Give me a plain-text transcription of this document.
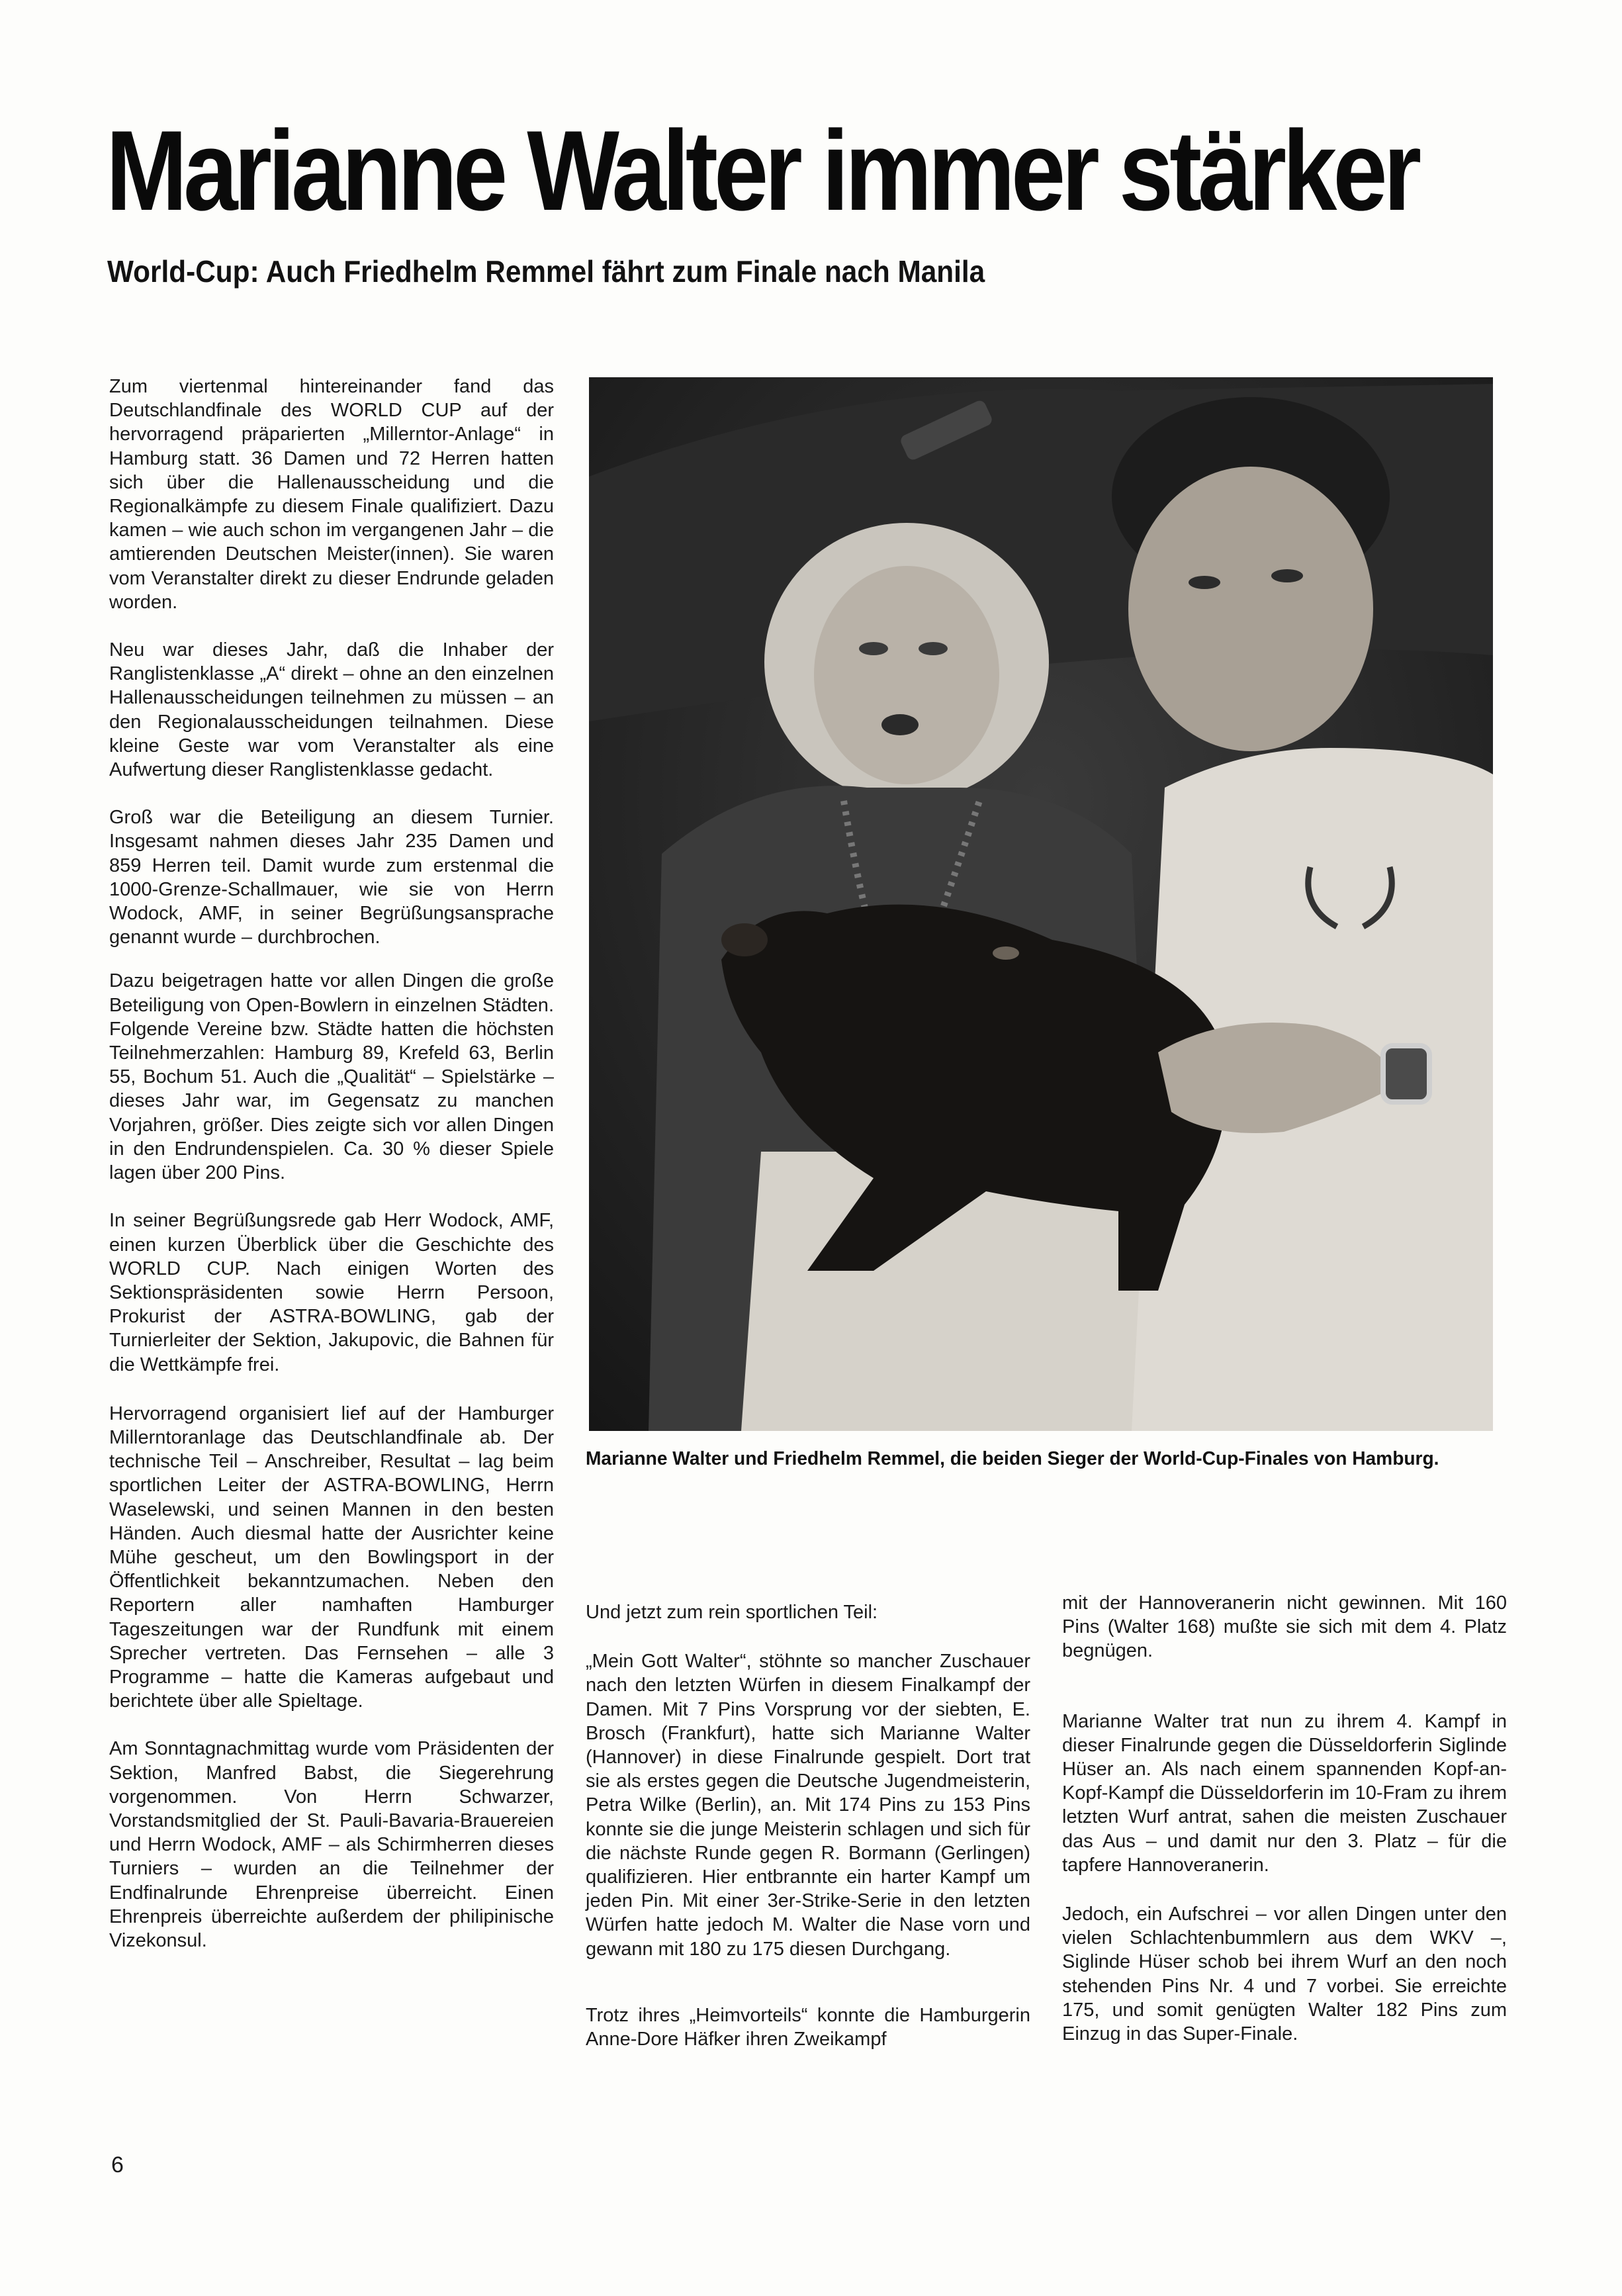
Marianne Walter immer stärker
World-Cup: Auch Friedhelm Remmel fährt zum Finale nach Manila

Zum viertenmal hintereinander fand das Deutschlandfinale des WORLD CUP auf der hervorragend präparierten „Millerntor-Anlage“ in Hamburg statt. 36 Damen und 72 Herren hatten sich über die Hallenausscheidung und die Regionalkämpfe zu diesem Finale qualifiziert. Dazu kamen – wie auch schon im vergangenen Jahr – die amtierenden Deutschen Meister(innen). Sie waren vom Veranstalter direkt zu dieser Endrunde geladen worden.

Neu war dieses Jahr, daß die Inhaber der Ranglistenklasse „A“ direkt – ohne an den einzelnen Hallenausscheidungen teilnehmen zu müssen – an den Regionalausscheidungen teilnahmen. Diese kleine Geste war vom Veranstalter als eine Aufwertung dieser Ranglistenklasse gedacht.

Groß war die Beteiligung an diesem Turnier. Insgesamt nahmen dieses Jahr 235 Damen und 859 Herren teil. Damit wurde zum erstenmal die 1000-Grenze-Schallmauer, wie sie von Herrn Wodock, AMF, in seiner Begrüßungsansprache genannt wurde – durchbrochen.

Dazu beigetragen hatte vor allen Dingen die große Beteiligung von Open-Bowlern in einzelnen Städten. Folgende Vereine bzw. Städte hatten die höchsten Teilnehmerzahlen: Hamburg 89, Krefeld 63, Berlin 55, Bochum 51. Auch die „Qualität“ – Spielstärke – dieses Jahr war, im Gegensatz zu manchen Vorjahren, größer. Dies zeigte sich vor allen Dingen in den Endrundenspielen. Ca. 30 % dieser Spiele lagen über 200 Pins.

In seiner Begrüßungsrede gab Herr Wodock, AMF, einen kurzen Überblick über die Geschichte des WORLD CUP. Nach einigen Worten des Sektionspräsidenten sowie Herrn Persoon, Prokurist der ASTRA-BOWLING, gab der Turnierleiter der Sektion, Jakupovic, die Bahnen für die Wettkämpfe frei.

Hervorragend organisiert lief auf der Hamburger Millerntoranlage das Deutschlandfinale ab. Der technische Teil – Anschreiber, Resultat – lag beim sportlichen Leiter der ASTRA-BOWLING, Herrn Waselewski, und seinen Mannen in den besten Händen. Auch diesmal hatte der Ausrichter keine Mühe gescheut, um den Bowlingsport in der Öffentlichkeit bekanntzumachen. Neben den Reportern aller namhaften Hamburger Tageszeitungen war der Rundfunk mit einem Sprecher vertreten. Das Fernsehen – alle 3 Programme – hatte die Kameras aufgebaut und berichtete über alle Spieltage.

Am Sonntagnachmittag wurde vom Präsidenten der Sektion, Manfred Babst, die Siegerehrung vorgenommen. Von Herrn Schwarzer, Vorstandsmitglied der St. Pauli-Bavaria-Brauereien und Herrn Wodock, AMF – als Schirmherren dieses Turniers – wurden an die Teilnehmer der Endfinalrunde Ehrenpreise überreicht. Einen Ehrenpreis überreichte außerdem der philipinische Vizekonsul.

Marianne Walter und Friedhelm Remmel, die beiden Sieger der World-Cup-Finales von Hamburg.

Und jetzt zum rein sportlichen Teil:

„Mein Gott Walter“, stöhnte so mancher Zuschauer nach den letzten Würfen in diesem Finalkampf der Damen. Mit 7 Pins Vorsprung vor der siebten, E. Brosch (Frankfurt), hatte sich Marianne Walter (Hannover) in diese Finalrunde gespielt. Dort trat sie als erstes gegen die Deutsche Jugendmeisterin, Petra Wilke (Berlin), an. Mit 174 Pins zu 153 Pins konnte sie die junge Meisterin schlagen und sich für die nächste Runde gegen R. Bormann (Gerlingen) qualifizieren. Hier entbrannte ein harter Kampf um jeden Pin. Mit einer 3er-Strike-Serie in den letzten Würfen hatte jedoch M. Walter die Nase vorn und gewann mit 180 zu 175 diesen Durchgang.

Trotz ihres „Heimvorteils“ konnte die Hamburgerin Anne-Dore Häfker ihren Zweikampf

mit der Hannoveranerin nicht gewinnen. Mit 160 Pins (Walter 168) mußte sie sich mit dem 4. Platz begnügen.

Marianne Walter trat nun zu ihrem 4. Kampf in dieser Finalrunde gegen die Düsseldorferin Siglinde Hüser an. Als nach einem spannenden Kopf-an-Kopf-Kampf die Düsseldorferin im 10-Fram zu ihrem letzten Wurf antrat, sahen die meisten Zuschauer das Aus – und damit nur den 3. Platz – für die tapfere Hannoveranerin.

Jedoch, ein Aufschrei – vor allen Dingen unter den vielen Schlachtenbummlern aus dem WKV –, Siglinde Hüser schob bei ihrem Wurf an den noch stehenden Pins Nr. 4 und 7 vorbei. Sie erreichte 175, und somit genügten Walter 182 Pins zum Einzug in das Super-Finale.

6
